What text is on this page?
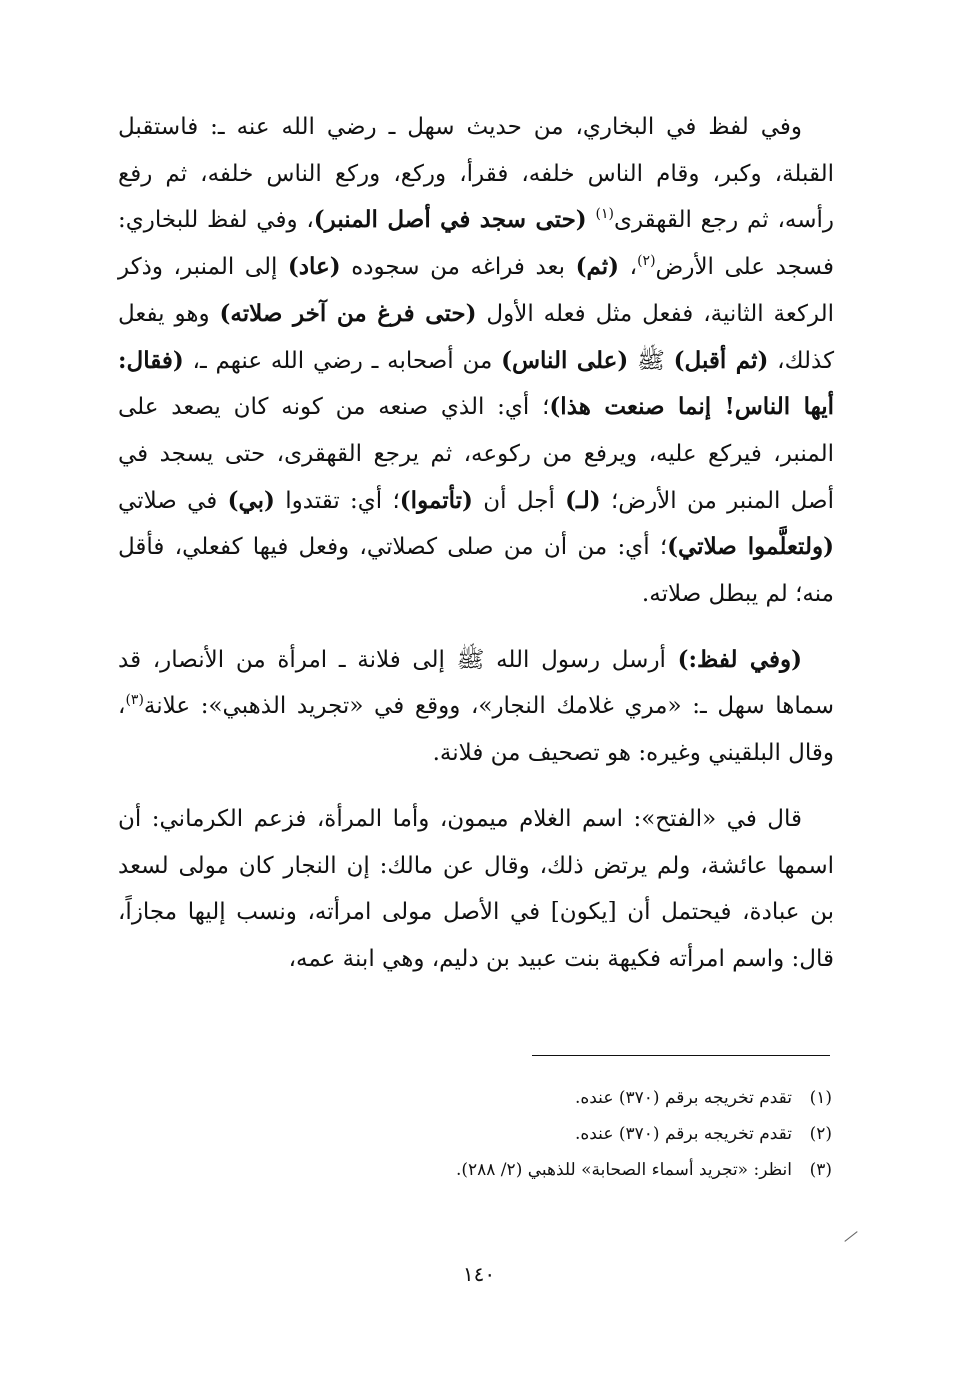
وفي لفظ في البخاري، من حديث سهل ـ رضي الله عنه ـ: فاستقبل القبلة، وكبر، وقام الناس خلفه، فقرأ، وركع، وركع الناس خلفه، ثم رفع رأسه، ثم رجع القهقرى$^{(١)}$ (حتى سجد في أصل المنبر)، وفي لفظ للبخاري: فسجد على الأرض$^{(٢)}$، (ثم) بعد فراغه من سجوده (عاد) إلى المنبر، وذكر الركعة الثانية، ففعل مثل فعله الأول (حتى فرغ من آخر صلاته) وهو يفعل كذلك، (ثم أقبل) ﷺ (على الناس) من أصحابه ـ رضي الله عنهم ـ، (فقال: أيها الناس! إنما صنعت هذا)؛ أي: الذي صنعه من كونه كان يصعد على المنبر، فيركع عليه، ويرفع من ركوعه، ثم يرجع القهقرى، حتى يسجد في أصل المنبر من الأرض؛ (لـ) أجل أن (تأتموا)؛ أي: تقتدوا (بي) في صلاتي (ولتعلَّموا صلاتي)؛ أي: من أن من صلى كصلاتي، وفعل فيها كفعلي، فأقل منه؛ لم يبطل صلاته.

(وفي لفظ:) أرسل رسول الله ﷺ إلى فلانة ـ امرأة من الأنصار، قد سماها سهل ـ: «مري غلامك النجار»، ووقع في «تجريد الذهبي»: علانة$^{(٣)}$، وقال البلقيني وغيره: هو تصحيف من فلانة.

قال في «الفتح»: اسم الغلام ميمون، وأما المرأة، فزعم الكرماني: أن اسمها عائشة، ولم يرتض ذلك، وقال عن مالك: إن النجار كان مولى لسعد بن عبادة، فيحتمل أن [يكون] في الأصل مولى امرأته، ونسب إليها مجازاً، قال: واسم امرأته فكيهة بنت عبيد بن دليم، وهي ابنة عمه،

(١)تقدم تخريجه برقم (٣٧٠) عنده.

(٢)تقدم تخريجه برقم (٣٧٠) عنده.

(٣)انظر: «تجريد أسماء الصحابة» للذهبي (٢/ ٢٨٨).

١٤٠
